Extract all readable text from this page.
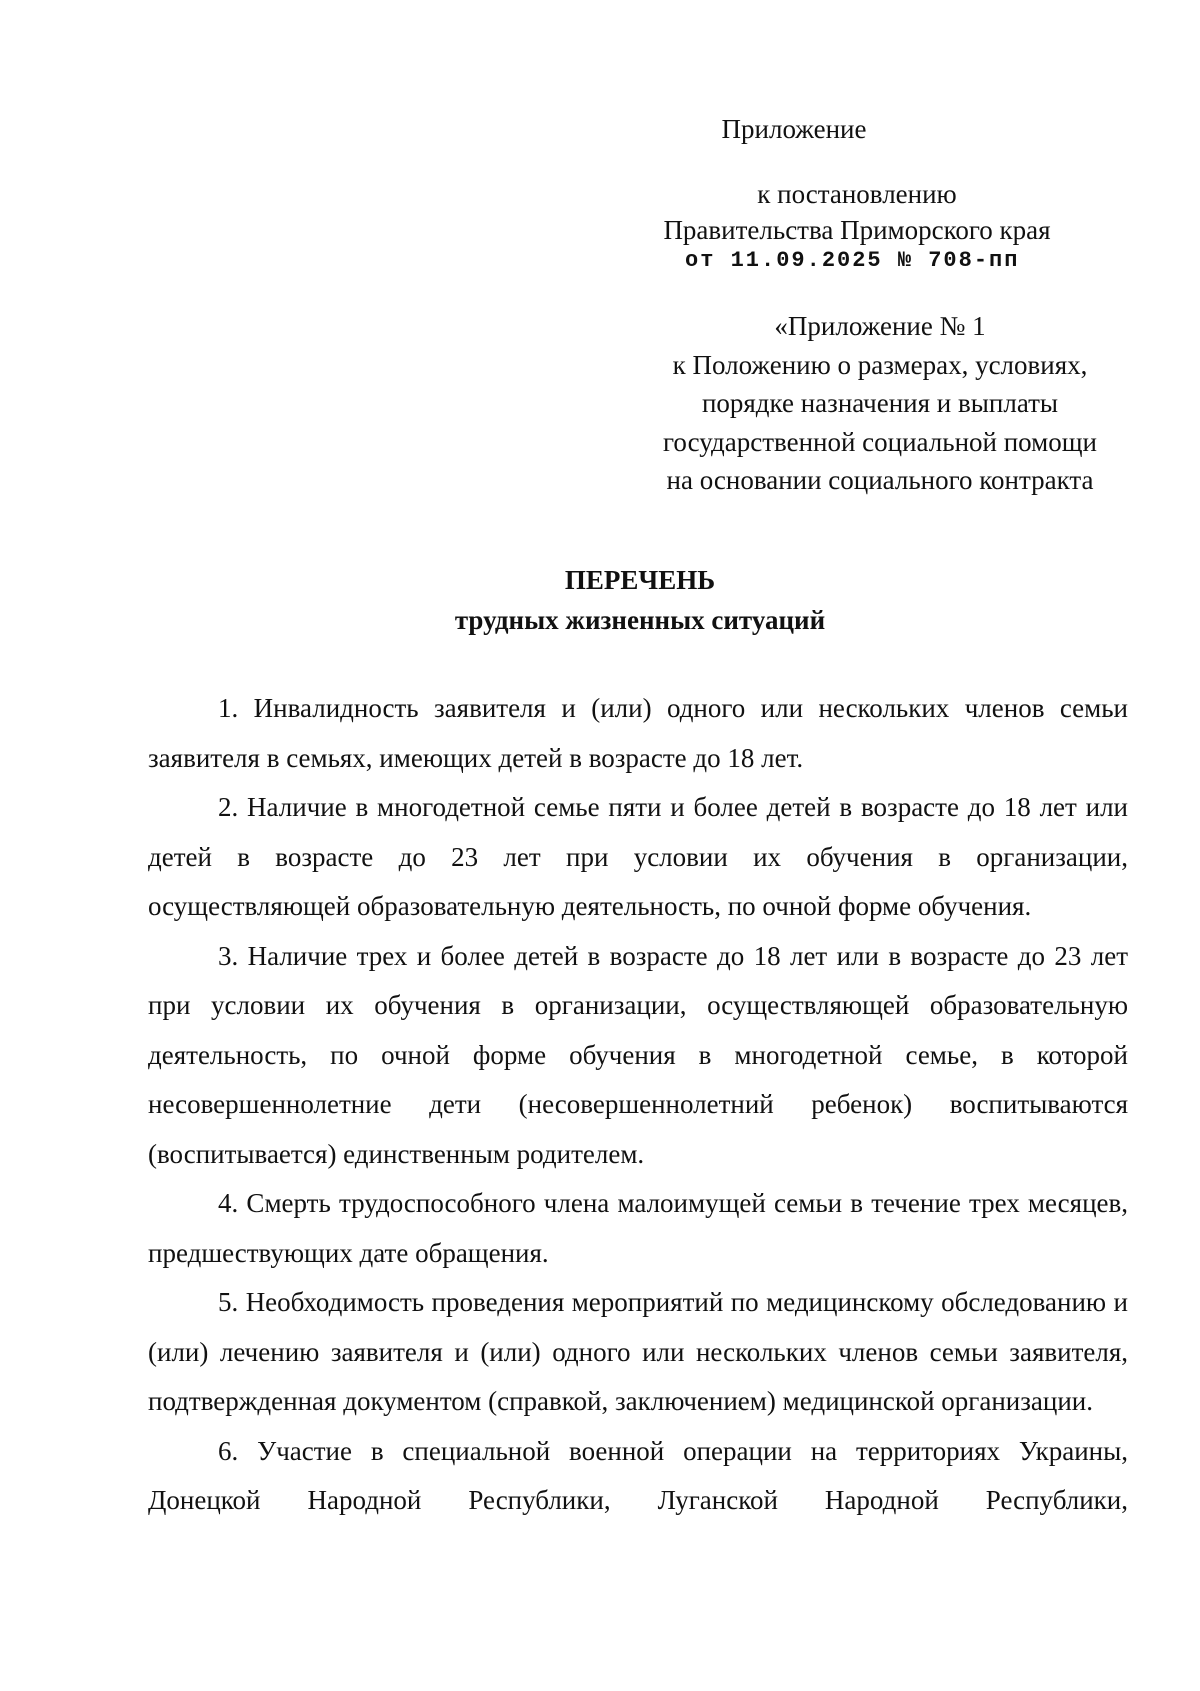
Приложение
к постановлению
Правительства Приморского края
от 11.09.2025 № 708-пп
«Приложение № 1
к Положению о размерах, условиях,
порядке назначения и выплаты
государственной социальной помощи
на основании социального контракта
ПЕРЕЧЕНЬ
трудных жизненных ситуаций

1. Инвалидность заявителя и (или) одного или нескольких членов семьи заявителя в семьях, имеющих детей в возрасте до 18 лет.

2. Наличие в многодетной семье пяти и более детей в возрасте до 18 лет или детей в возрасте до 23 лет при условии их обучения в организации, осуществляющей образовательную деятельность, по очной форме обучения.

3. Наличие трех и более детей в возрасте до 18 лет или в возрасте до 23 лет при условии их обучения в организации, осуществляющей образовательную деятельность, по очной форме обучения в многодетной семье, в которой несовершеннолетние дети (несовершеннолетний ребенок) воспитываются (воспитывается) единственным родителем.

4. Смерть трудоспособного члена малоимущей семьи в течение трех месяцев, предшествующих дате обращения.

5. Необходимость проведения мероприятий по медицинскому обследованию и (или) лечению заявителя и (или) одного или нескольких членов семьи заявителя, подтвержденная документом (справкой, заключением) медицинской организации.

6. Участие в специальной военной операции на территориях Украины, Донецкой Народной Республики, Луганской Народной Республики,
